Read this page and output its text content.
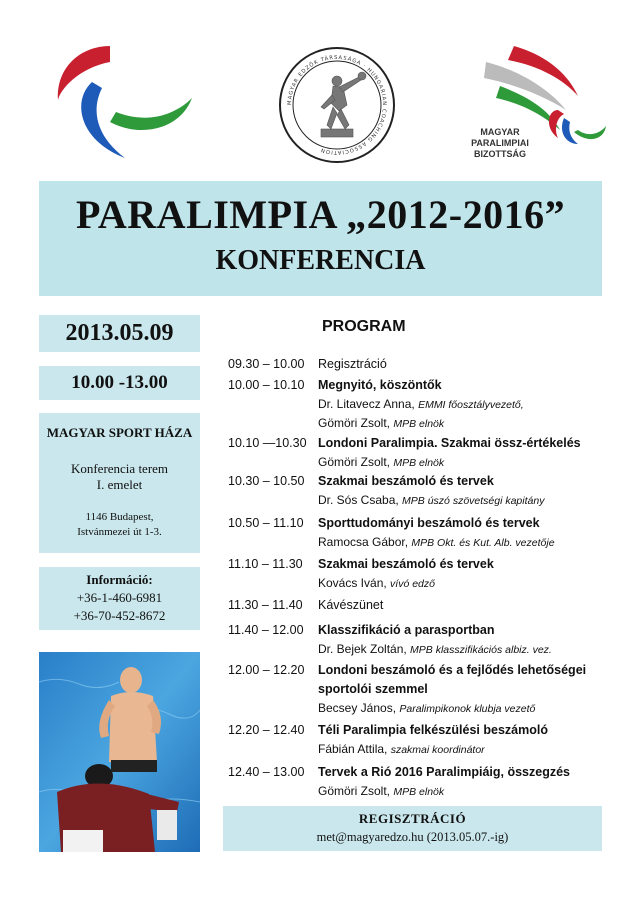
MAGYAR EDZŐK TÁRSASÁGA · HUNGARIAN COACHING ASSOCIATION
MAGYAR
PARALIMPIAI
BIZOTTSÁG
PARALIMPIA „2012-2016”
KONFERENCIA
2013.05.09
10.00 -13.00
MAGYAR SPORT HÁZA
Konferencia terem
I. emelet
1146 Budapest,
Istvánmezei út 1-3.
Információ:
+36-1-460-6981
+36-70-452-8672
PROGRAM
09.30 – 10.00	Regisztráció
10.00 – 10.10	Megnyitó, köszöntők
Dr. Litavecz Anna, EMMI főosztályvezető,
Gömöri Zsolt, MPB elnök
10.10 —10.30 Londoni Paralimpia. Szakmai össz-értékelés
Gömöri Zsolt, MPB elnök
10.30 – 10.50	Szakmai beszámoló és tervek
Dr. Sós Csaba, MPB úszó szövetségi kapitány
10.50 – 11.10	Sporttudományi beszámoló és tervek
Ramocsa Gábor, MPB Okt. és Kut. Alb. vezetője
11.10 – 11.30	Szakmai beszámoló és tervek
Kovács Iván, vívó edző
11.30 – 11.40	Kávészünet
11.40 – 12.00	Klasszifikáció a parasportban
Dr. Bejek Zoltán, MPB klasszifikációs albiz. vez.
12.00 – 12.20	Londoni beszámoló és a fejlődés lehetőségei
sportolói szemmel
Becsey János, Paralimpikonok klubja vezető
12.20 – 12.40	Téli Paralimpia felkészülési beszámoló
Fábián Attila, szakmai koordinátor
12.40 – 13.00	Tervek a Rió 2016 Paralimpiáig, összegzés
Gömöri Zsolt, MPB elnök
REGISZTRÁCIÓ
met@magyaredzo.hu (2013.05.07.-ig)
